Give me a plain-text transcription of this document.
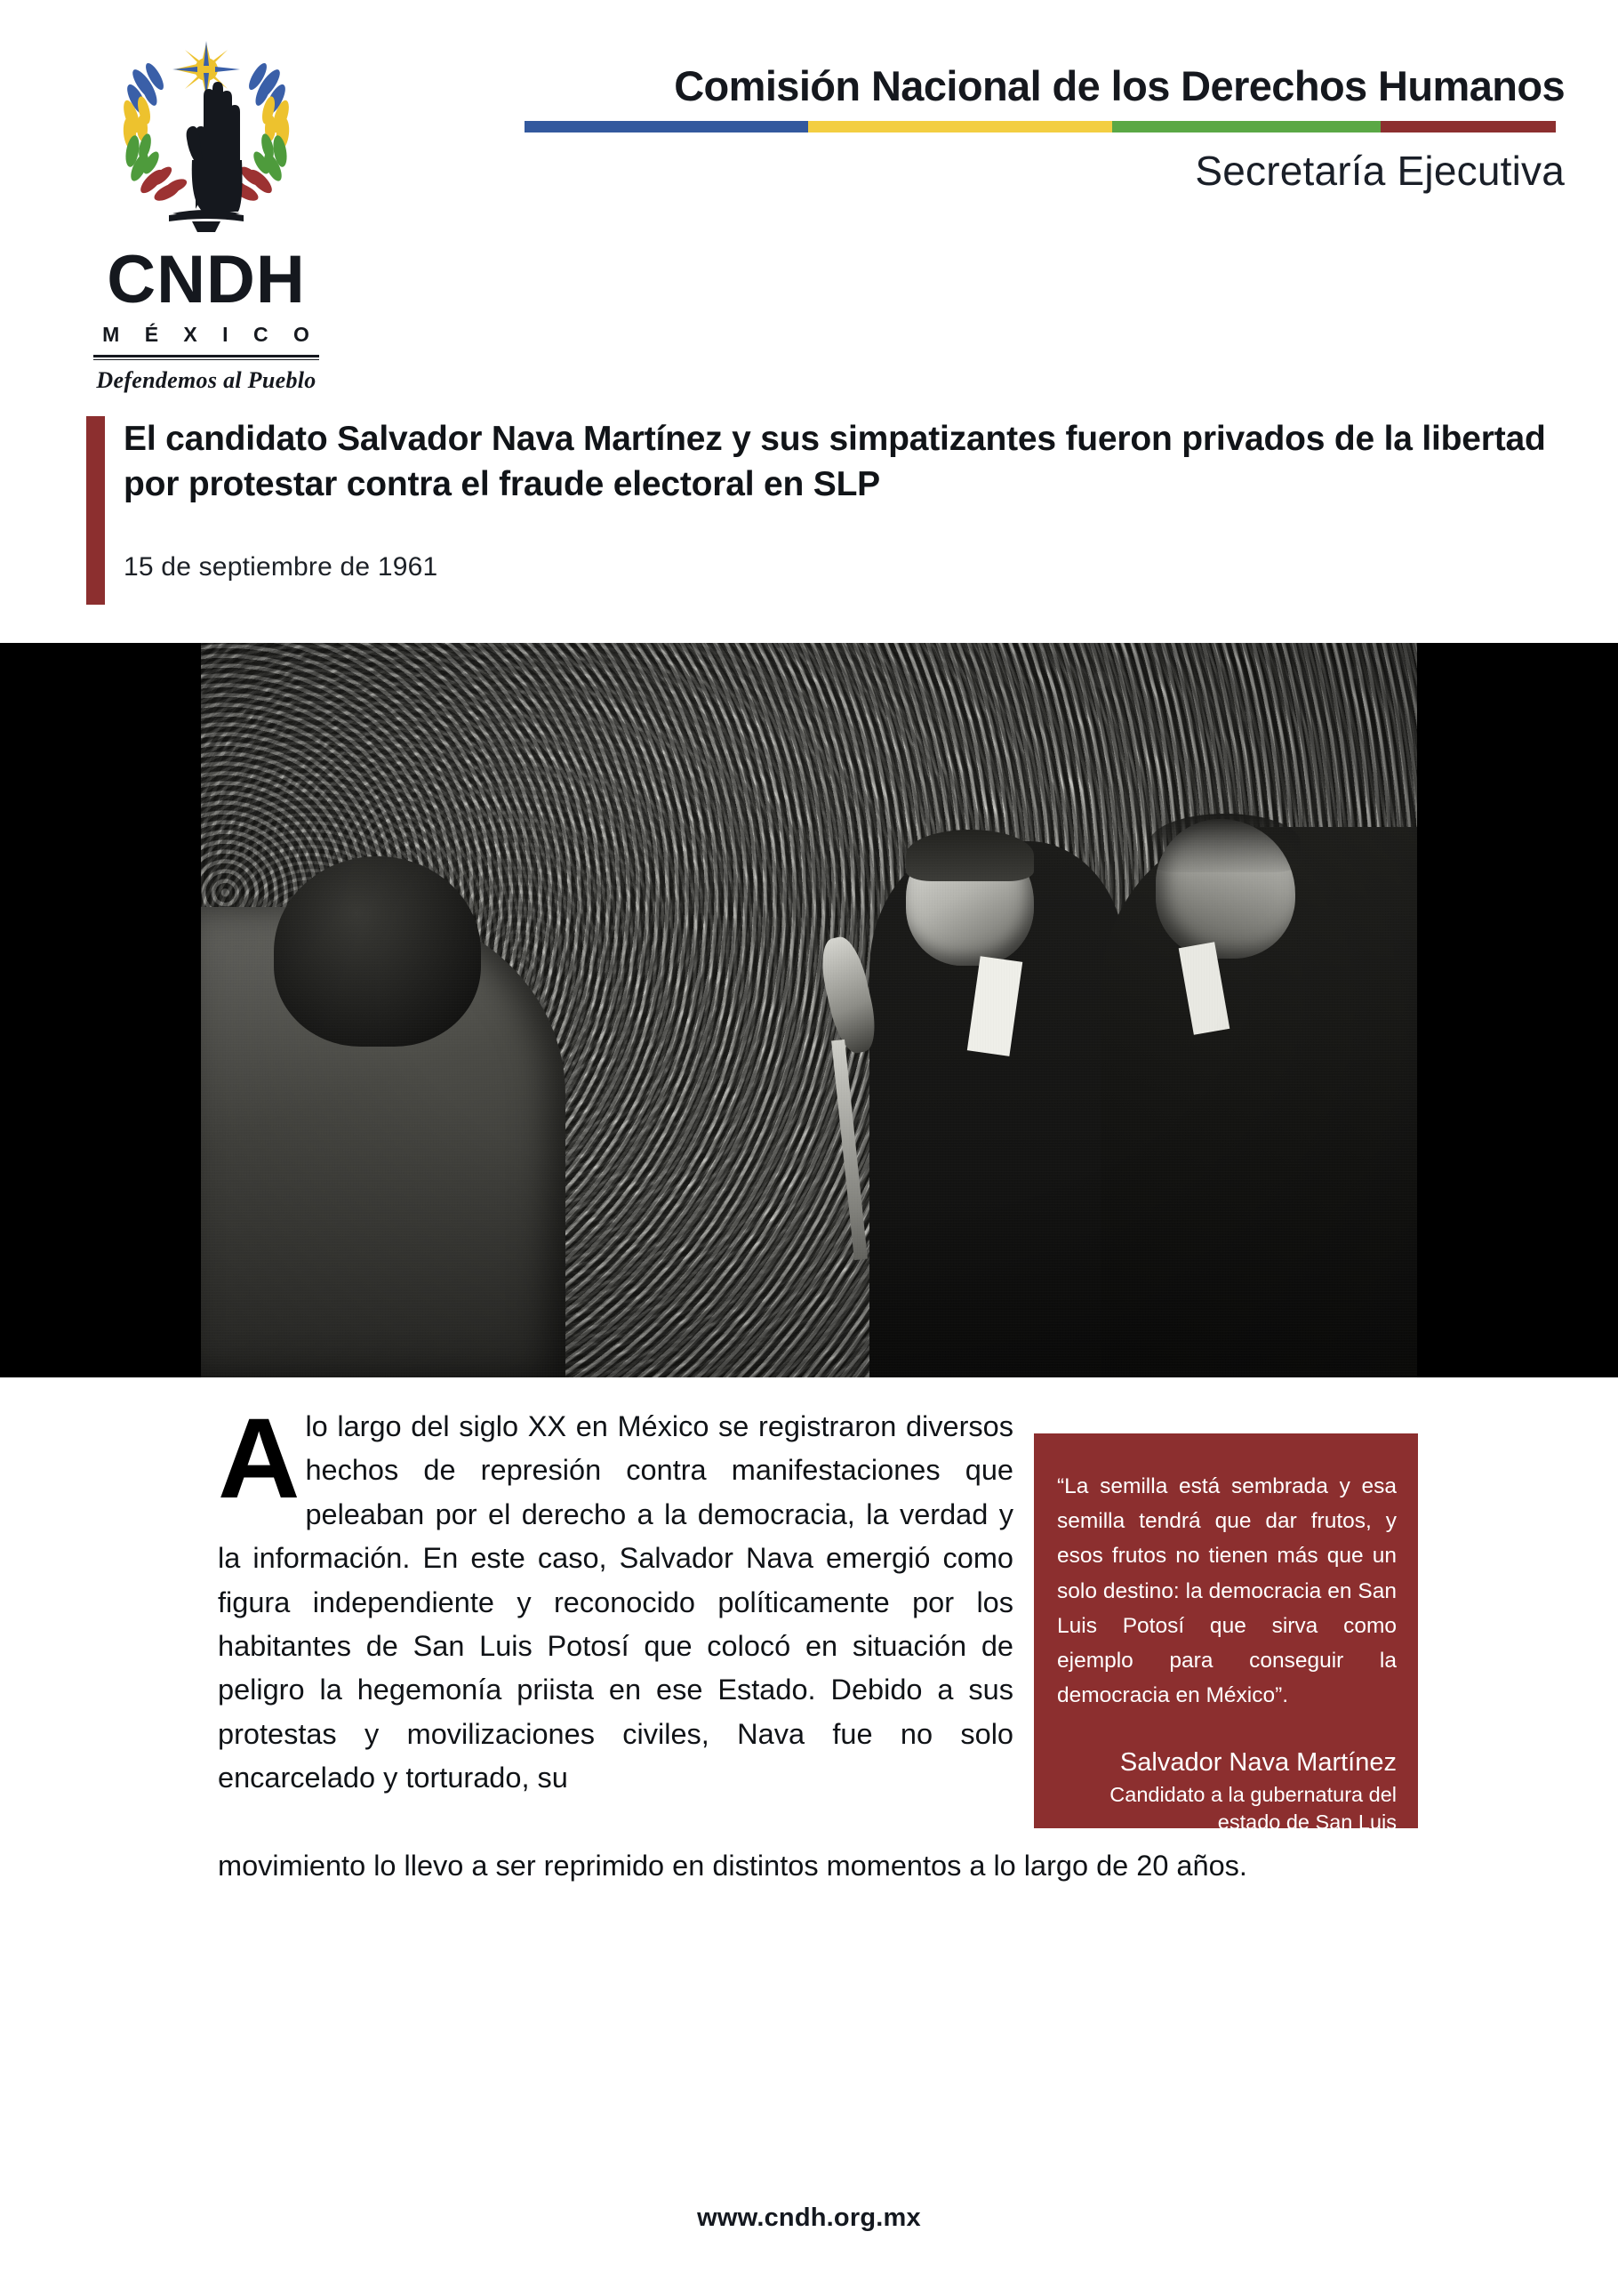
CNDH
M É X I C O
Defendemos al Pueblo
Comisión Nacional de los Derechos Humanos
Secretaría Ejecutiva
El candidato Salvador Nava Martínez y sus simpatizantes fueron privados de la libertad por protestar contra el fraude electoral en SLP
15 de septiembre de 1961
Alo largo del siglo XX en México se registraron diversos hechos de represión contra manifestaciones que peleaban por el derecho a la democracia, la verdad y la información. En este caso, Salvador Nava emergió como figura independiente y reconocido políticamente por los habitantes de San Luis Potosí que colocó en situación de peligro la hegemonía priista en ese Estado. Debido a sus protestas y movilizaciones civiles, Nava fue no solo encarcelado y torturado, su
movimiento lo llevo a ser reprimido en distintos momentos a lo largo de 20 años.

“La semilla está sembrada y esa semilla tendrá que dar frutos, y esos frutos no tienen más que un solo destino: la democracia en San Luis Potosí que sirva como ejemplo para conseguir la democracia en México”.

Salvador Nava Martínez
Candidato a la gubernatura del estado de San Luis
www.cndh.org.mx
